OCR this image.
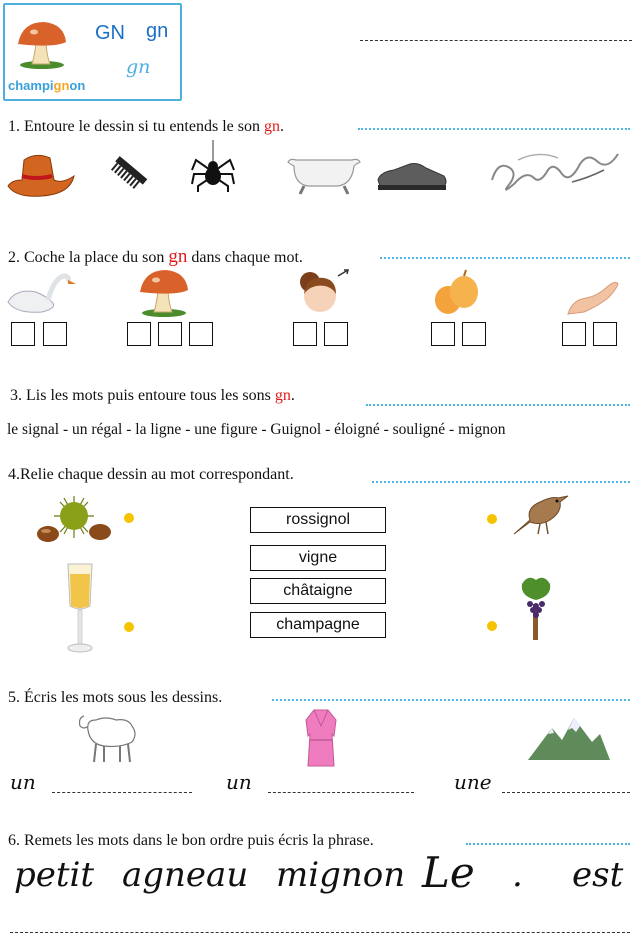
GN gn
gn
champignon
1. Entoure le dessin si tu entends le son gn.
2. Coche la place du son gn dans chaque mot.
3. Lis les mots puis entoure tous les sons gn.
le signal - un régal - la ligne - une figure - Guignol - éloigné - souligné - mignon
4.Relie chaque dessin au mot correspondant.
rossignol
vigne
châtaigne
champagne
5. Écris les mots sous les dessins.
un	un	une
6. Remets les mots dans le bon ordre puis écris la phrase.
petit agneau mignon Le . est
